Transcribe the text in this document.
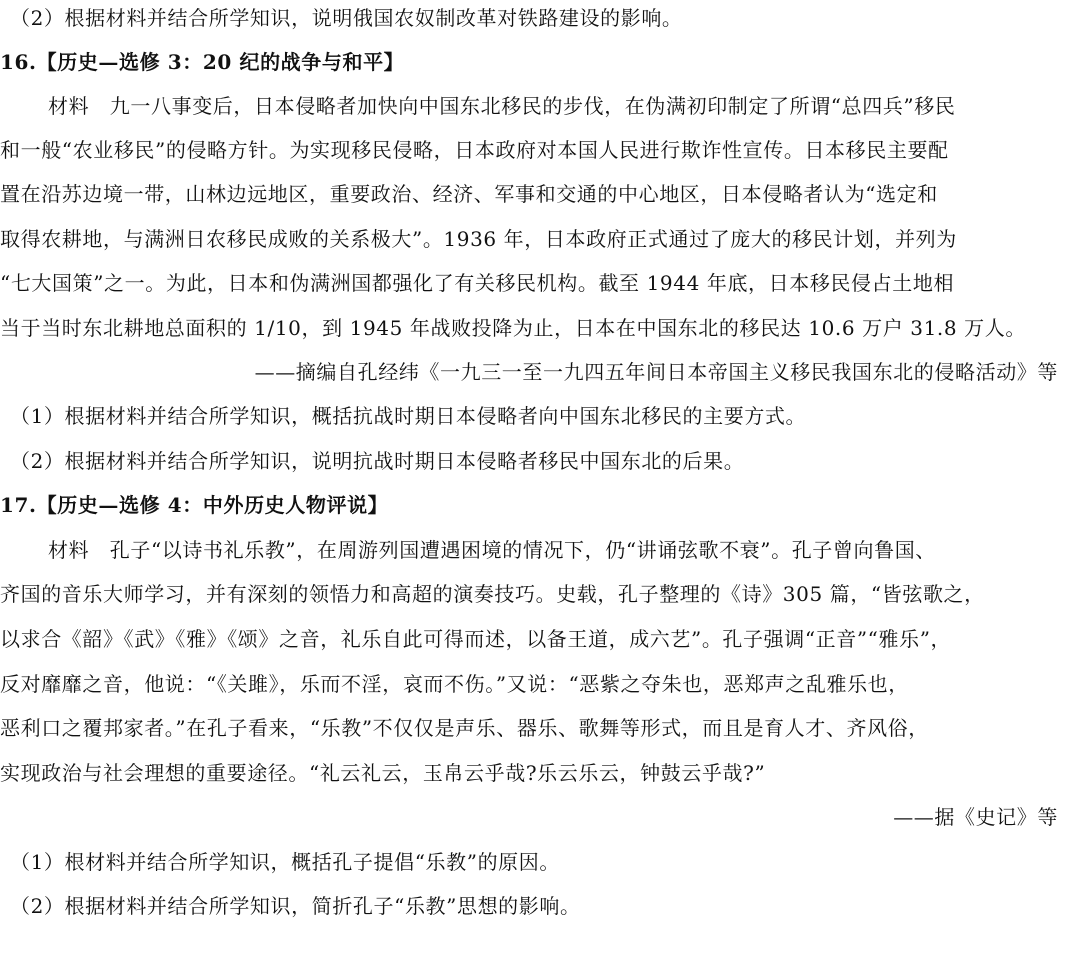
（2）根据材料并结合所学知识，说明俄国农奴制改革对铁路建设的影响。
16.【历史—选修 3：20 纪的战争与和平】
材料　九一八事变后，日本侵略者加快向中国东北移民的步伐，在伪满初印制定了所谓“总四兵”移民
和一般“农业移民”的侵略方针。为实现移民侵略，日本政府对本国人民进行欺诈性宣传。日本移民主要配
置在沿苏边境一带，山林边远地区，重要政治、经济、军事和交通的中心地区，日本侵略者认为“选定和
取得农耕地，与满洲日农移民成败的关系极大”。1936 年，日本政府正式通过了庞大的移民计划，并列为
“七大国策”之一。为此，日本和伪满洲国都强化了有关移民机构。截至 1944 年底，日本移民侵占土地相
当于当时东北耕地总面积的 1/10，到 1945 年战败投降为止，日本在中国东北的移民达 10.6 万户 31.8 万人。
——摘编自孔经纬《一九三一至一九四五年间日本帝国主义移民我国东北的侵略活动》等
（1）根据材料并结合所学知识，概括抗战时期日本侵略者向中国东北移民的主要方式。
（2）根据材料并结合所学知识，说明抗战时期日本侵略者移民中国东北的后果。
17.【历史—选修 4：中外历史人物评说】
材料　孔子“以诗书礼乐教”，在周游列国遭遇困境的情况下，仍“讲诵弦歌不衰”。孔子曾向鲁国、
齐国的音乐大师学习，并有深刻的领悟力和高超的演奏技巧。史载，孔子整理的《诗》305 篇，“皆弦歌之，
以求合《韶》《武》《雅》《颂》之音，礼乐自此可得而述，以备王道，成六艺”。孔子强调“正音”“雅乐”，
反对靡靡之音，他说：“《关雎》，乐而不淫，哀而不伤。”又说：“恶紫之夺朱也，恶郑声之乱雅乐也，
恶利口之覆邦家者。”在孔子看来，“乐教”不仅仅是声乐、器乐、歌舞等形式，而且是育人才、齐风俗，
实现政治与社会理想的重要途径。“礼云礼云，玉帛云乎哉?乐云乐云，钟鼓云乎哉?”
——据《史记》等
（1）根材料并结合所学知识，概括孔子提倡“乐教”的原因。
（2）根据材料并结合所学知识，简折孔子“乐教”思想的影响。
